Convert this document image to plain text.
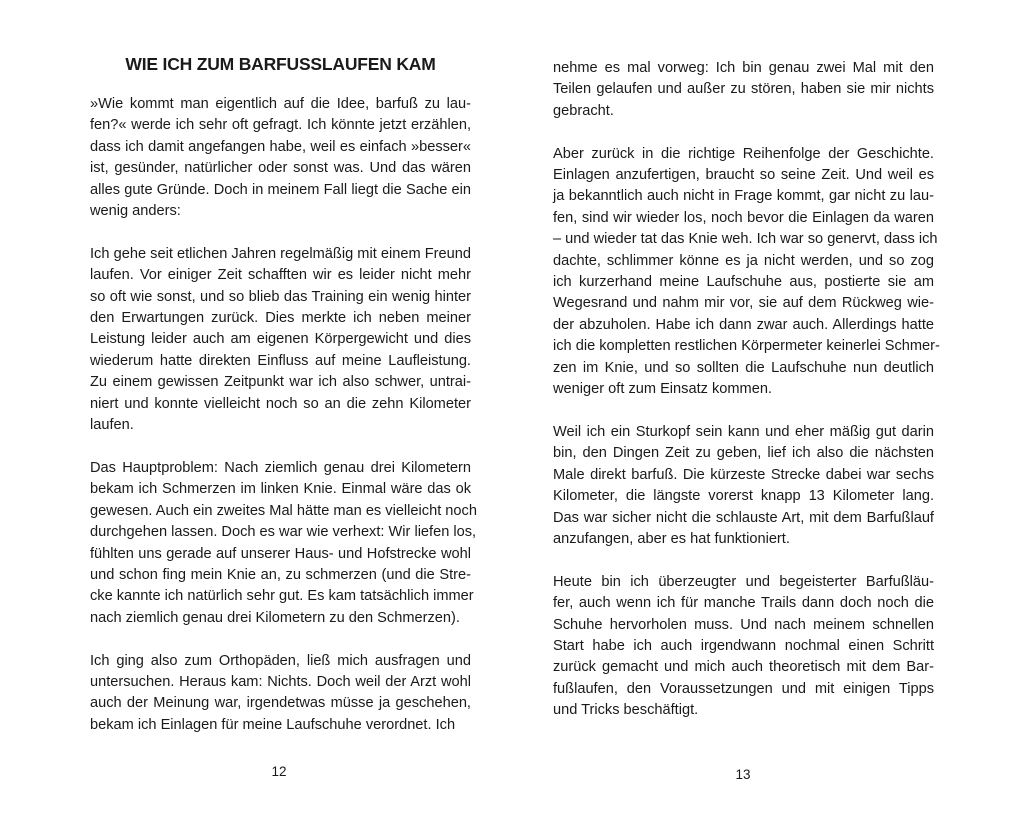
WIE ICH ZUM BARFUSSLAUFEN KAM

»Wie kommt man eigentlich auf die Idee, barfuß zu lau-
fen?« werde ich sehr oft gefragt. Ich könnte jetzt erzählen,
dass ich damit angefangen habe, weil es einfach »besser«
ist, gesünder, natürlicher oder sonst was. Und das wären
alles gute Gründe. Doch in meinem Fall liegt die Sache ein
wenig anders:

Ich gehe seit etlichen Jahren regelmäßig mit einem Freund
laufen. Vor einiger Zeit schafften wir es leider nicht mehr
so oft wie sonst, und so blieb das Training ein wenig hinter
den Erwartungen zurück. Dies merkte ich neben meiner
Leistung leider auch am eigenen Körpergewicht und dies
wiederum hatte direkten Einfluss auf meine Laufleistung.
Zu einem gewissen Zeitpunkt war ich also schwer, untrai-
niert und konnte vielleicht noch so an die zehn Kilometer
laufen.

Das Hauptproblem: Nach ziemlich genau drei Kilometern
bekam ich Schmerzen im linken Knie. Einmal wäre das ok
gewesen. Auch ein zweites Mal hätte man es vielleicht noch
durchgehen lassen. Doch es war wie verhext: Wir liefen los,
fühlten uns gerade auf unserer Haus- und Hofstrecke wohl
und schon fing mein Knie an, zu schmerzen (und die Stre-
cke kannte ich natürlich sehr gut. Es kam tatsächlich immer
nach ziemlich genau drei Kilometern zu den Schmerzen).

Ich ging also zum Orthopäden, ließ mich ausfragen und
untersuchen. Heraus kam: Nichts. Doch weil der Arzt wohl
auch der Meinung war, irgendetwas müsse ja geschehen,
bekam ich Einlagen für meine Laufschuhe verordnet. Ich

12

nehme es mal vorweg: Ich bin genau zwei Mal mit den
Teilen gelaufen und außer zu stören, haben sie mir nichts
gebracht.

Aber zurück in die richtige Reihenfolge der Geschichte.
Einlagen anzufertigen, braucht so seine Zeit. Und weil es
ja bekanntlich auch nicht in Frage kommt, gar nicht zu lau-
fen, sind wir wieder los, noch bevor die Einlagen da waren
– und wieder tat das Knie weh. Ich war so genervt, dass ich
dachte, schlimmer könne es ja nicht werden, und so zog
ich kurzerhand meine Laufschuhe aus, postierte sie am
Wegesrand und nahm mir vor, sie auf dem Rückweg wie-
der abzuholen. Habe ich dann zwar auch. Allerdings hatte
ich die kompletten restlichen Körpermeter keinerlei Schmer-
zen im Knie, und so sollten die Laufschuhe nun deutlich
weniger oft zum Einsatz kommen.

Weil ich ein Sturkopf sein kann und eher mäßig gut darin
bin, den Dingen Zeit zu geben, lief ich also die nächsten
Male direkt barfuß. Die kürzeste Strecke dabei war sechs
Kilometer, die längste vorerst knapp 13 Kilometer lang.
Das war sicher nicht die schlauste Art, mit dem Barfußlauf
anzufangen, aber es hat funktioniert.

Heute bin ich überzeugter und begeisterter Barfußläu-
fer, auch wenn ich für manche Trails dann doch noch die
Schuhe hervorholen muss. Und nach meinem schnellen
Start habe ich auch irgendwann nochmal einen Schritt
zurück gemacht und mich auch theoretisch mit dem Bar-
fußlaufen, den Voraussetzungen und mit einigen Tipps
und Tricks beschäftigt.

13
